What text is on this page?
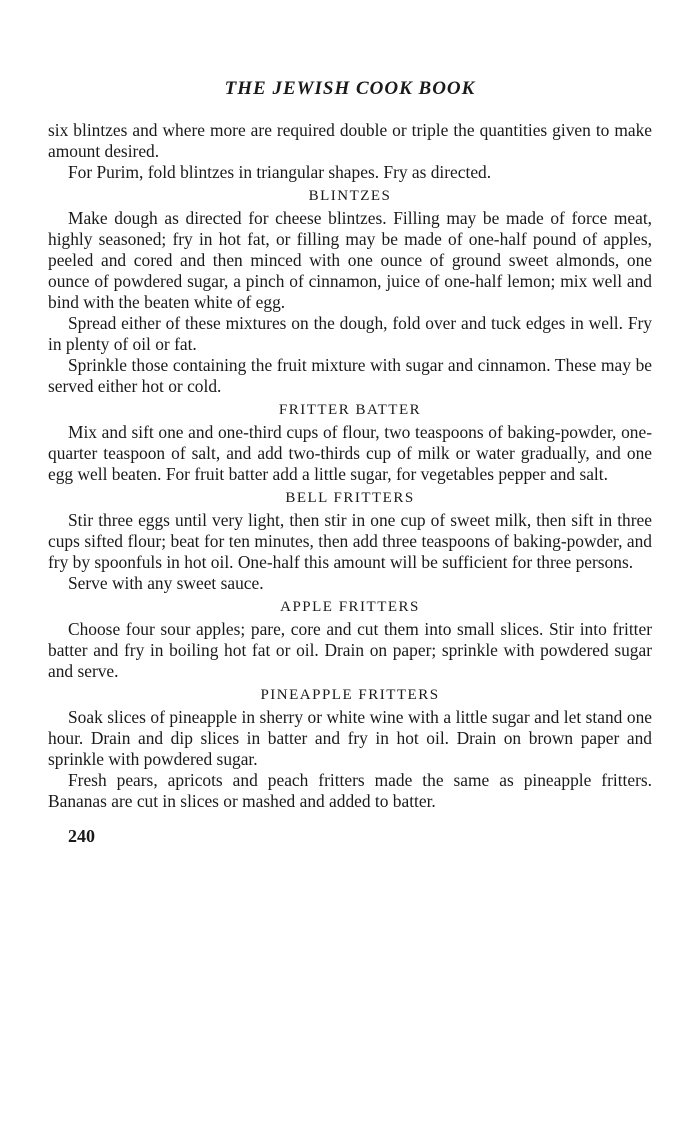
THE JEWISH COOK BOOK

six blintzes and where more are required double or triple the quantities given to make amount desired.

For Purim, fold blintzes in triangular shapes. Fry as directed.

BLINTZES

Make dough as directed for cheese blintzes. Filling may be made of force meat, highly seasoned; fry in hot fat, or filling may be made of one-half pound of apples, peeled and cored and then minced with one ounce of ground sweet almonds, one ounce of powdered sugar, a pinch of cinnamon, juice of one-half lemon; mix well and bind with the beaten white of egg.

Spread either of these mixtures on the dough, fold over and tuck edges in well. Fry in plenty of oil or fat.

Sprinkle those containing the fruit mixture with sugar and cinnamon. These may be served either hot or cold.

FRITTER BATTER

Mix and sift one and one-third cups of flour, two teaspoons of baking-powder, one-quarter teaspoon of salt, and add two-thirds cup of milk or water gradually, and one egg well beaten. For fruit batter add a little sugar, for vegetables pepper and salt.

BELL FRITTERS

Stir three eggs until very light, then stir in one cup of sweet milk, then sift in three cups sifted flour; beat for ten minutes, then add three teaspoons of baking-powder, and fry by spoonfuls in hot oil. One-half this amount will be sufficient for three persons.

Serve with any sweet sauce.

APPLE FRITTERS

Choose four sour apples; pare, core and cut them into small slices. Stir into fritter batter and fry in boiling hot fat or oil. Drain on paper; sprinkle with powdered sugar and serve.

PINEAPPLE FRITTERS

Soak slices of pineapple in sherry or white wine with a little sugar and let stand one hour. Drain and dip slices in batter and fry in hot oil. Drain on brown paper and sprinkle with powdered sugar.

Fresh pears, apricots and peach fritters made the same as pineapple fritters. Bananas are cut in slices or mashed and added to batter.

240
